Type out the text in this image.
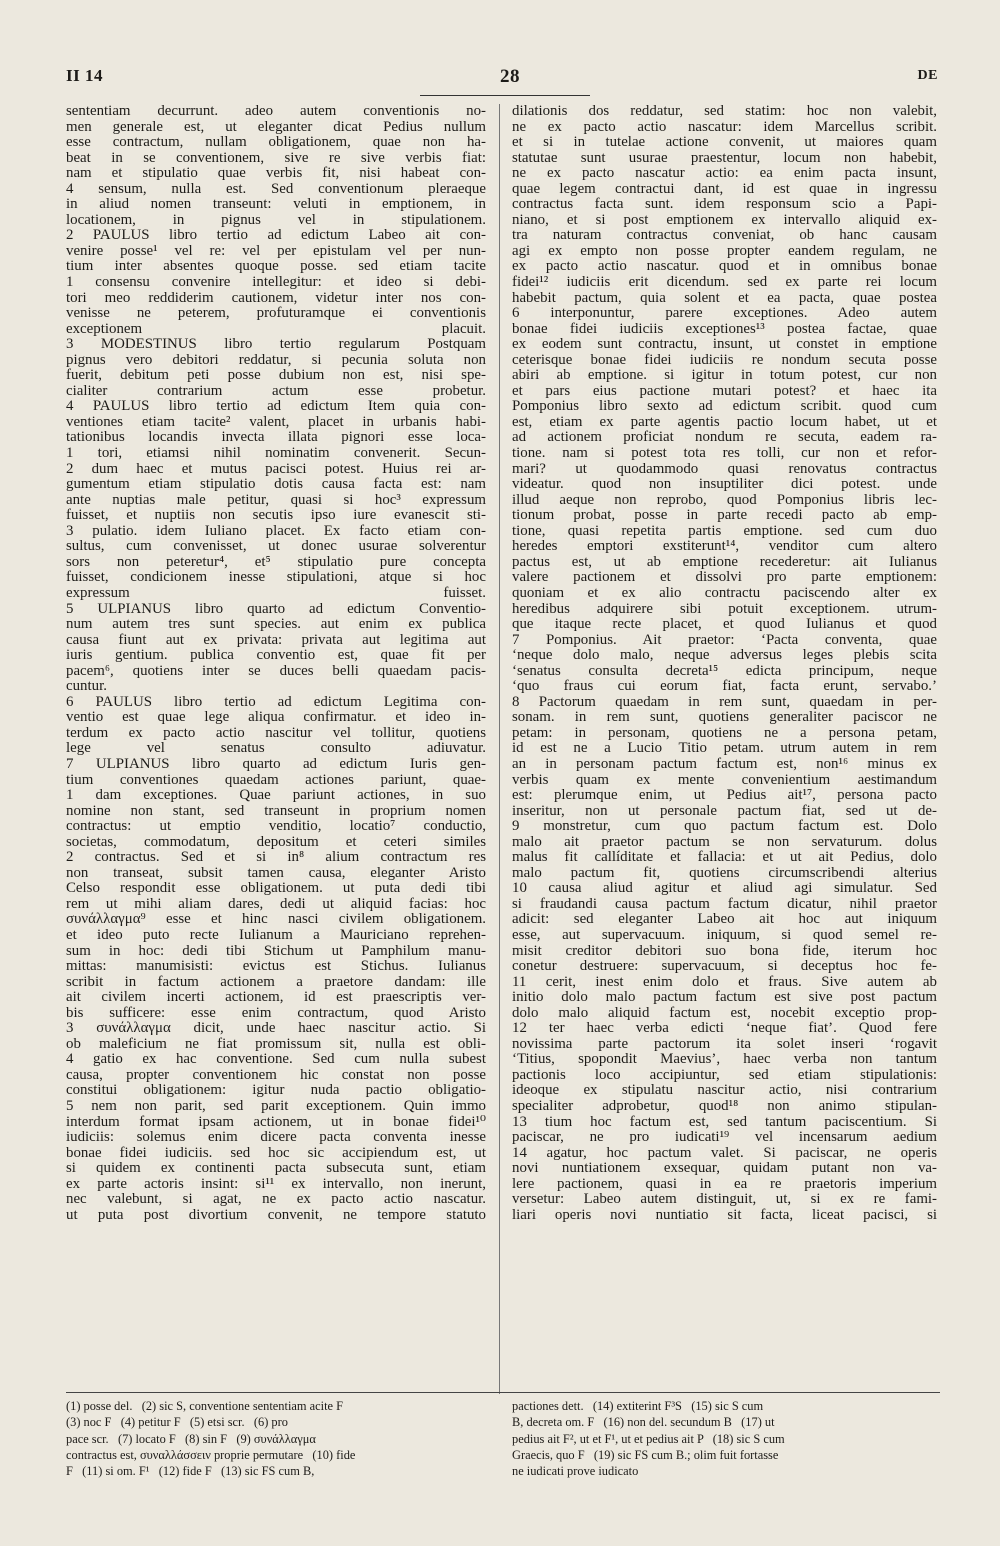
II 14	28	DE
sententiam decurrunt. adeo autem conventionis no-
men generale est, ut eleganter dicat Pedius nullum
esse contractum, nullam obligationem, quae non ha-
beat in se conventionem, sive re sive verbis fiat:
nam et stipulatio quae verbis fit, nisi habeat con-
4 sensum, nulla est. Sed conventionum pleraeque
in aliud nomen transeunt: veluti in emptionem, in
locationem, in pignus vel in stipulationem.
2 PAULUS libro tertio ad edictum Labeo ait con-
venire posse¹ vel re: vel per epistulam vel per nun-
tium inter absentes quoque posse. sed etiam tacite
1 consensu convenire intellegitur: et ideo si debi-
tori meo reddiderim cautionem, videtur inter nos con-
venisse ne peterem, profuturamque ei conventionis
exceptionem placuit.
3 MODESTINUS libro tertio regularum Postquam
pignus vero debitori reddatur, si pecunia soluta non
fuerit, debitum peti posse dubium non est, nisi spe-
cialiter contrarium actum esse probetur.
4 PAULUS libro tertio ad edictum Item quia con-
ventiones etiam tacite² valent, placet in urbanis habi-
tationibus locandis invecta illata pignori esse loca-
1 tori, etiamsi nihil nominatim convenerit. Secun-
2 dum haec et mutus pacisci potest. Huius rei ar-
gumentum etiam stipulatio dotis causa facta est: nam
ante nuptias male petitur, quasi si hoc³ expressum
fuisset, et nuptiis non secutis ipso iure evanescit sti-
3 pulatio. idem Iuliano placet. Ex facto etiam con-
sultus, cum convenisset, ut donec usurae solverentur
sors non peteretur⁴, et⁵ stipulatio pure concepta
fuisset, condicionem inesse stipulationi, atque si hoc
expressum fuisset.
5 ULPIANUS libro quarto ad edictum Conventio-
num autem tres sunt species. aut enim ex publica
causa fiunt aut ex privata: privata aut legitima aut
iuris gentium. publica conventio est, quae fit per
pacem⁶, quotiens inter se duces belli quaedam pacis-
cuntur.
6 PAULUS libro tertio ad edictum Legitima con-
ventio est quae lege aliqua confirmatur. et ideo in-
terdum ex pacto actio nascitur vel tollitur, quotiens
lege vel senatus consulto adiuvatur.
7 ULPIANUS libro quarto ad edictum Iuris gen-
tium conventiones quaedam actiones pariunt, quae-
1 dam exceptiones. Quae pariunt actiones, in suo
nomine non stant, sed transeunt in proprium nomen
contractus: ut emptio venditio, locatio⁷ conductio,
societas, commodatum, depositum et ceteri similes
2 contractus. Sed et si in⁸ alium contractum res
non transeat, subsit tamen causa, eleganter Aristo
Celso respondit esse obligationem. ut puta dedi tibi
rem ut mihi aliam dares, dedi ut aliquid facias: hoc
συνάλλαγμα⁹ esse et hinc nasci civilem obligationem.
et ideo puto recte Iulianum a Mauriciano reprehen-
sum in hoc: dedi tibi Stichum ut Pamphilum manu-
mittas: manumisisti: evictus est Stichus. Iulianus
scribit in factum actionem a praetore dandam: ille
ait civilem incerti actionem, id est praescriptis ver-
bis sufficere: esse enim contractum, quod Aristo
3 συνάλλαγμα dicit, unde haec nascitur actio. Si
ob maleficium ne fiat promissum sit, nulla est obli-
4 gatio ex hac conventione. Sed cum nulla subest
causa, propter conventionem hic constat non posse
constitui obligationem: igitur nuda pactio obligatio-
5 nem non parit, sed parit exceptionem. Quin immo
interdum format ipsam actionem, ut in bonae fidei¹⁰
iudiciis: solemus enim dicere pacta conventa inesse
bonae fidei iudiciis. sed hoc sic accipiendum est, ut
si quidem ex continenti pacta subsecuta sunt, etiam
ex parte actoris insint: si¹¹ ex intervallo, non inerunt,
nec valebunt, si agat, ne ex pacto actio nascatur.
ut puta post divortium convenit, ne tempore statuto
dilationis dos reddatur, sed statim: hoc non valebit,
ne ex pacto actio nascatur: idem Marcellus scribit.
et si in tutelae actione convenit, ut maiores quam
statutae sunt usurae praestentur, locum non habebit,
ne ex pacto nascatur actio: ea enim pacta insunt,
quae legem contractui dant, id est quae in ingressu
contractus facta sunt. idem responsum scio a Papi-
niano, et si post emptionem ex intervallo aliquid ex-
tra naturam contractus conveniat, ob hanc causam
agi ex empto non posse propter eandem regulam, ne
ex pacto actio nascatur. quod et in omnibus bonae
fidei¹² iudiciis erit dicendum. sed ex parte rei locum
habebit pactum, quia solent et ea pacta, quae postea
6 interponuntur, parere exceptiones. Adeo autem
bonae fidei iudiciis exceptiones¹³ postea factae, quae
ex eodem sunt contractu, insunt, ut constet in emptione
ceterisque bonae fidei iudiciis re nondum secuta posse
abiri ab emptione. si igitur in totum potest, cur non
et pars eius pactione mutari potest? et haec ita
Pomponius libro sexto ad edictum scribit. quod cum
est, etiam ex parte agentis pactio locum habet, ut et
ad actionem proficiat nondum re secuta, eadem ra-
tione. nam si potest tota res tolli, cur non et refor-
mari? ut quodammodo quasi renovatus contractus
videatur. quod non insuptiliter dici potest. unde
illud aeque non reprobo, quod Pomponius libris lec-
tionum probat, posse in parte recedi pacto ab emp-
tione, quasi repetita partis emptione. sed cum duo
heredes emptori exstiterunt¹⁴, venditor cum altero
pactus est, ut ab emptione recederetur: ait Iulianus
valere pactionem et dissolvi pro parte emptionem:
quoniam et ex alio contractu paciscendo alter ex
heredibus adquirere sibi potuit exceptionem. utrum-
que itaque recte placet, et quod Iulianus et quod
7 Pomponius. Ait praetor: ‘Pacta conventa, quae
‘neque dolo malo, neque adversus leges plebis scita
‘senatus consulta decreta¹⁵ edicta principum, neque
‘quo fraus cui eorum fiat, facta erunt, servabo.’
8 Pactorum quaedam in rem sunt, quaedam in per-
sonam. in rem sunt, quotiens generaliter paciscor ne
petam: in personam, quotiens ne a persona petam,
id est ne a Lucio Titio petam. utrum autem in rem
an in personam pactum factum est, non¹⁶ minus ex
verbis quam ex mente convenientium aestimandum
est: plerumque enim, ut Pedius ait¹⁷, persona pacto
inseritur, non ut personale pactum fiat, sed ut de-
9 monstretur, cum quo pactum factum est. Dolo
malo ait praetor pactum se non servaturum. dolus
malus fit callíditate et fallacia: et ut ait Pedius, dolo
malo pactum fit, quotiens circumscribendi alterius
10 causa aliud agitur et aliud agi simulatur. Sed
si fraudandi causa pactum factum dicatur, nihil praetor
adicit: sed eleganter Labeo ait hoc aut iniquum
esse, aut supervacuum. iniquum, si quod semel re-
misit creditor debitori suo bona fide, iterum hoc
conetur destruere: supervacuum, si deceptus hoc fe-
11 cerit, inest enim dolo et fraus. Sive autem ab
initio dolo malo pactum factum est sive post pactum
dolo malo aliquid factum est, nocebit exceptio prop-
12 ter haec verba edicti ‘neque fiat’. Quod fere
novissima parte pactorum ita solet inseri ‘rogavit
‘Titius, spopondit Maevius’, haec verba non tantum
pactionis loco accipiuntur, sed etiam stipulationis:
ideoque ex stipulatu nascitur actio, nisi contrarium
specialiter adprobetur, quod¹⁸ non animo stipulan-
13 tium hoc factum est, sed tantum paciscentium. Si
paciscar, ne pro iudicati¹⁹ vel incensarum aedium
14 agatur, hoc pactum valet. Si paciscar, ne operis
novi nuntiationem exsequar, quidam putant non va-
lere pactionem, quasi in ea re praetoris imperium
versetur: Labeo autem distinguit, ut, si ex re fami-
liari operis novi nuntiatio sit facta, liceat pacisci, si
(1) posse del.   (2) sic S, conventione sententiam acite F
(3) noc F   (4) petitur F   (5) etsi scr.   (6) pro
pace scr.   (7) locato F   (8) sin F   (9) συνάλλαγμα
contractus est, συναλλάσσειν proprie permutare   (10) fide
F   (11) si om. F¹   (12) fide F   (13) sic FS cum B,
pactiones dett.   (14) extiterint F³S   (15) sic S cum
B, decreta om. F   (16) non del. secundum B   (17) ut
pedius ait F², ut et F¹, ut et pedius ait P   (18) sic S cum
Graecis, quo F   (19) sic FS cum B.; olim fuit fortasse
ne iudicati prove iudicato
